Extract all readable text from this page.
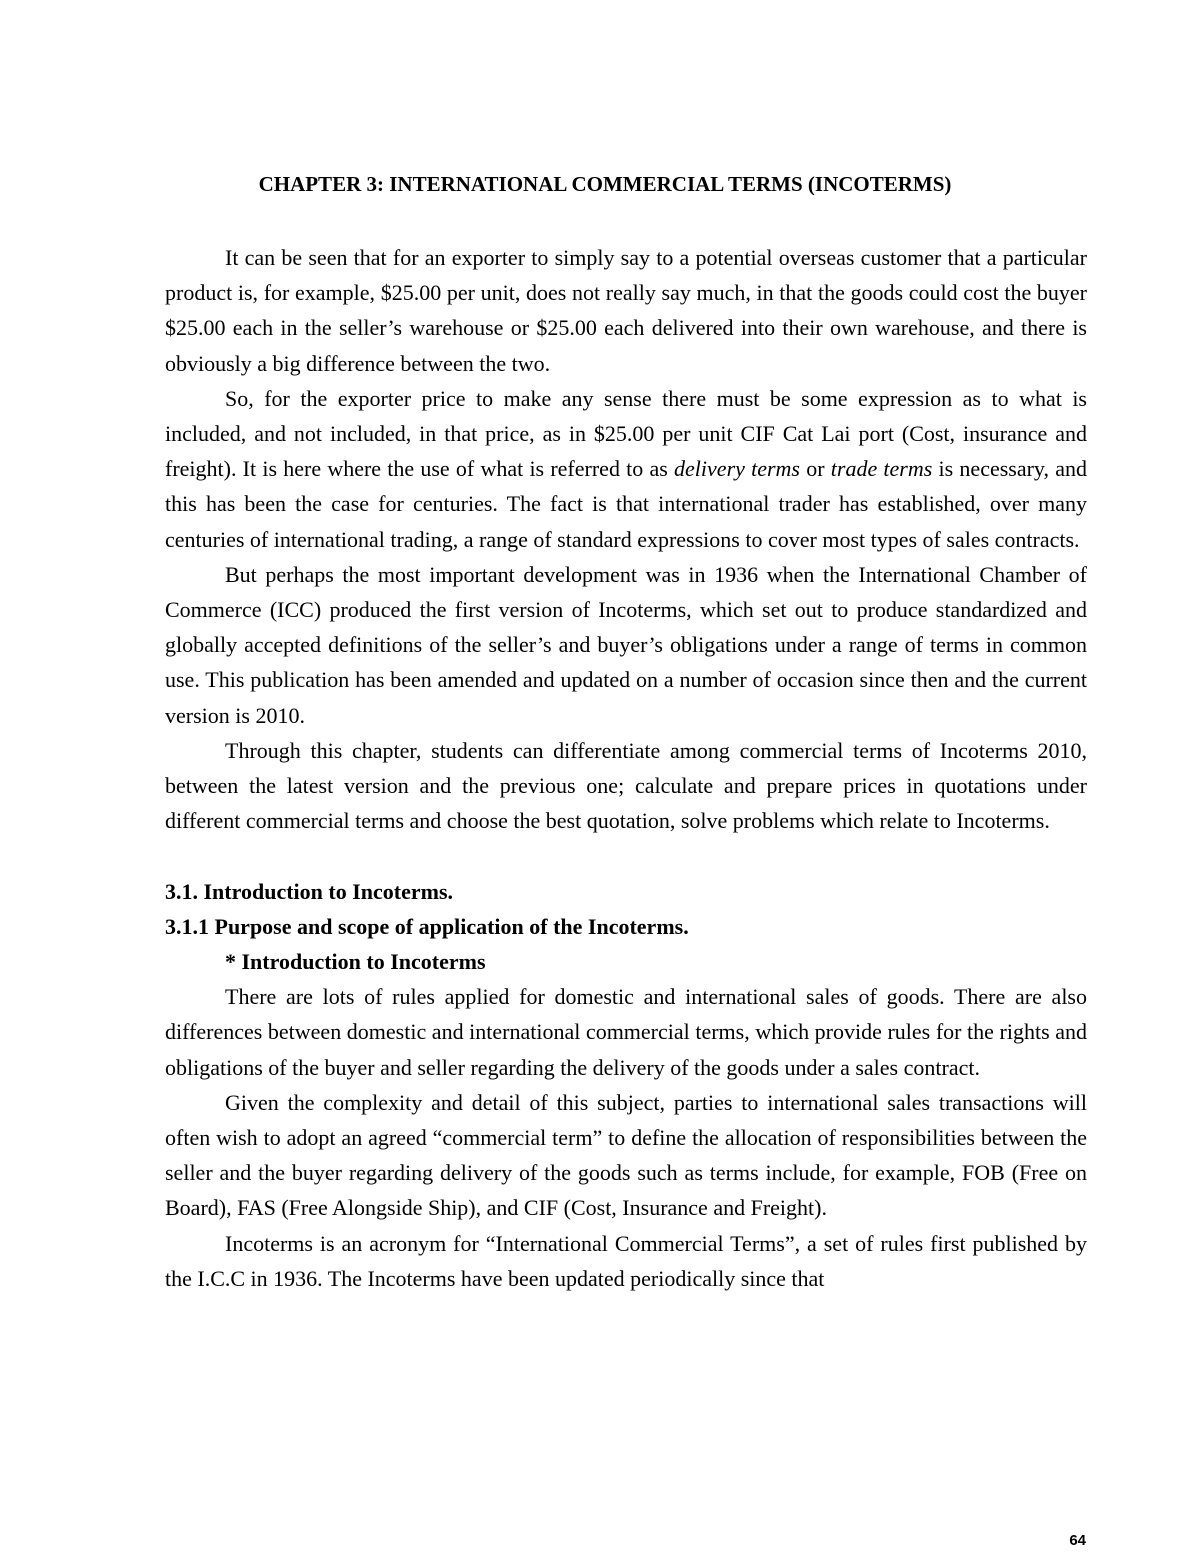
CHAPTER 3: INTERNATIONAL COMMERCIAL TERMS (INCOTERMS)

It can be seen that for an exporter to simply say to a potential overseas customer that a particular product is, for example, $25.00 per unit, does not really say much, in that the goods could cost the buyer $25.00 each in the seller’s warehouse or $25.00 each delivered into their own warehouse, and there is obviously a big difference between the two.

So, for the exporter price to make any sense there must be some expression as to what is included, and not included, in that price, as in $25.00 per unit CIF Cat Lai port (Cost, insurance and freight). It is here where the use of what is referred to as delivery terms or trade terms is necessary, and this has been the case for centuries. The fact is that international trader has established, over many centuries of international trading, a range of standard expressions to cover most types of sales contracts.

But perhaps the most important development was in 1936 when the International Chamber of Commerce (ICC) produced the first version of Incoterms, which set out to produce standardized and globally accepted definitions of the seller’s and buyer’s obligations under a range of terms in common use. This publication has been amended and updated on a number of occasion since then and the current version is 2010.

Through this chapter, students can differentiate among commercial terms of Incoterms 2010, between the latest version and the previous one; calculate and prepare prices in quotations under different commercial terms and choose the best quotation, solve problems which relate to Incoterms.

3.1. Introduction to Incoterms.
3.1.1 Purpose and scope of application of the Incoterms.
* Introduction to Incoterms

There are lots of rules applied for domestic and international sales of goods. There are also differences between domestic and international commercial terms, which provide rules for the rights and obligations of the buyer and seller regarding the delivery of the goods under a sales contract.

Given the complexity and detail of this subject, parties to international sales transactions will often wish to adopt an agreed “commercial term” to define the allocation of responsibilities between the seller and the buyer regarding delivery of the goods such as terms include, for example, FOB (Free on Board), FAS (Free Alongside Ship), and CIF (Cost, Insurance and Freight).

Incoterms is an acronym for “International Commercial Terms”, a set of rules first published by the I.C.C in 1936. The Incoterms have been updated periodically since that

64
